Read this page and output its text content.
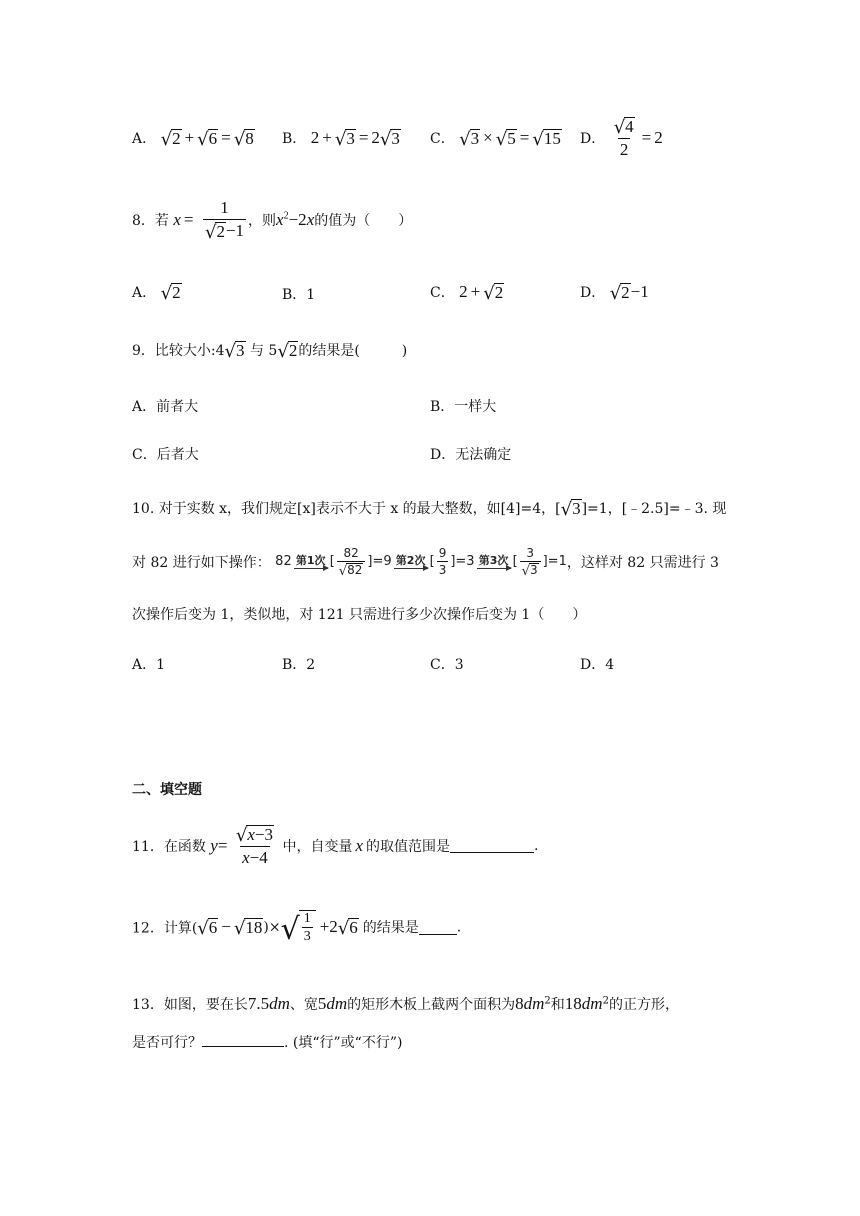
A． √ 2 + √ 6 = √ 8 B． 2 + √ 3 = 2 √ 3 C． √ 3 × √ 5 = √ 15 D． $\frac{√ 4}{2} = 2$
8．若 $x = \frac{1}{√ 2 -1}$ ，则$x^2-2x$的值为（　　）
A． √ 2	B．1	C． 2 + √ 2	D． √ 2 −1
9．比较大小:4 √ 3 与 5 √ 2 的结果是(　　　)
A．前者大	B．一样大
C．后者大	D．无法确定
10. 对于实数 x，我们规定[x]表示不大于 x 的最大整数，如[4]=4，[ √ 3 ]=1，[﹣2.5]=﹣3. 现
对 82 进行如下操作： 82 第1次 [ $\frac{82}{√ 82} ]=9$ 第2次 [ $\frac{9}{3} ]=3$ 第3次 [ $\frac{3}{√ 3} ]=1$ ，这样对 82 只需进行 3
次操作后变为 1，类似地，对 121 只需进行多少次操作后变为 1（　　）
A．1	B．2	C．3	D．4
二、填空题
11．在函数 $y= \frac{√ x-3}{x-4}$ 中，自变量 x 的取值范围是	.
12．计算( √ 6 − √ 18 )× √ $\frac{1}{3} +2$ √ 6 的结果是	.
13．如图，要在长7.5dm、宽5dm的矩形木板上截两个面积为$8dm^2$和$18dm^2$的正方形，
是否可行？	. (填“行”或“不行”)
